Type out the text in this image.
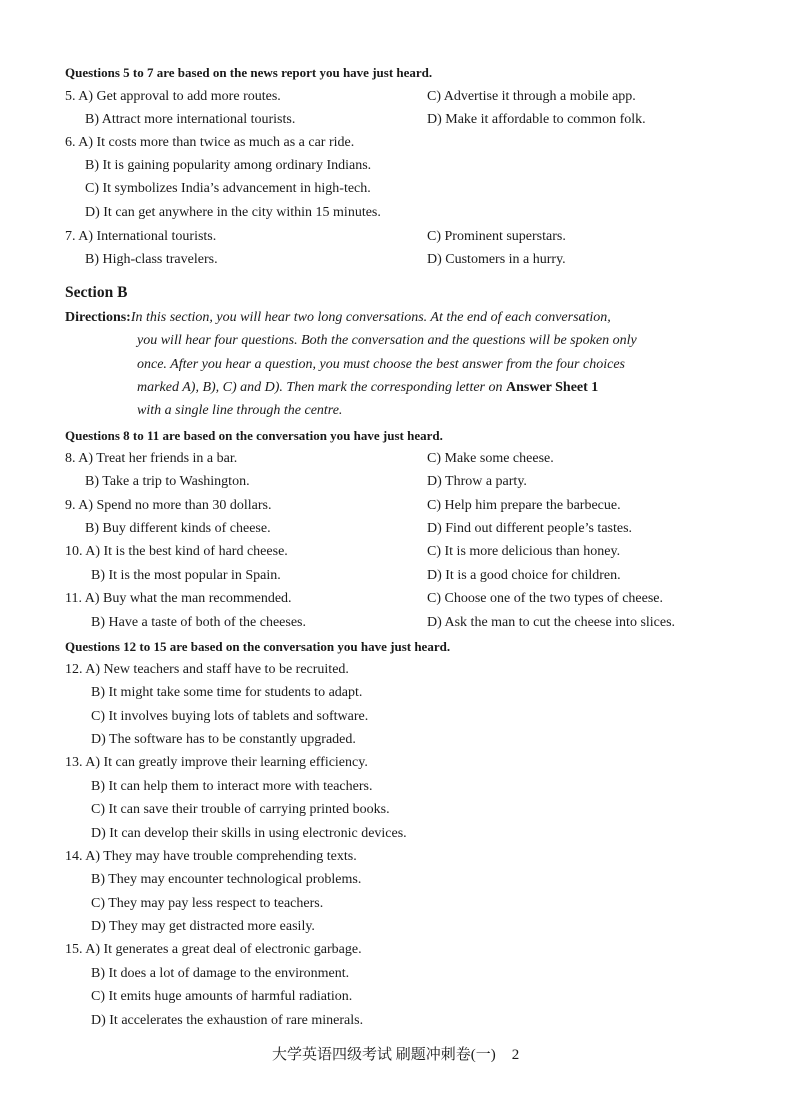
Questions 5 to 7 are based on the news report you have just heard.
5. A) Get approval to add more routes.	C) Advertise it through a mobile app.
B) Attract more international tourists.	D) Make it affordable to common folk.
6. A) It costs more than twice as much as a car ride.
B) It is gaining popularity among ordinary Indians.
C) It symbolizes India’s advancement in high-tech.
D) It can get anywhere in the city within 15 minutes.
7. A) International tourists.	C) Prominent superstars.
B) High-class travelers.	D) Customers in a hurry.
Section B
Directions:In this section, you will hear two long conversations. At the end of each conversation,
you will hear four questions. Both the conversation and the questions will be spoken only
once. After you hear a question, you must choose the best answer from the four choices
marked A), B), C) and D). Then mark the corresponding letter on Answer Sheet 1
with a single line through the centre.
Questions 8 to 11 are based on the conversation you have just heard.
8. A) Treat her friends in a bar.	C) Make some cheese.
B) Take a trip to Washington.	D) Throw a party.
9. A) Spend no more than 30 dollars.	C) Help him prepare the barbecue.
B) Buy different kinds of cheese.	D) Find out different people’s tastes.
10. A) It is the best kind of hard cheese.	C) It is more delicious than honey.
B) It is the most popular in Spain.	D) It is a good choice for children.
11. A) Buy what the man recommended.	C) Choose one of the two types of cheese.
B) Have a taste of both of the cheeses.	D) Ask the man to cut the cheese into slices.
Questions 12 to 15 are based on the conversation you have just heard.
12. A) New teachers and staff have to be recruited.
B) It might take some time for students to adapt.
C) It involves buying lots of tablets and software.
D) The software has to be constantly upgraded.
13. A) It can greatly improve their learning efficiency.
B) It can help them to interact more with teachers.
C) It can save their trouble of carrying printed books.
D) It can develop their skills in using electronic devices.
14. A) They may have trouble comprehending texts.
B) They may encounter technological problems.
C) They may pay less respect to teachers.
D) They may get distracted more easily.
15. A) It generates a great deal of electronic garbage.
B) It does a lot of damage to the environment.
C) It emits huge amounts of harmful radiation.
D) It accelerates the exhaustion of rare minerals.
大学英语四级考试 刷题冲刺卷(一) 2
